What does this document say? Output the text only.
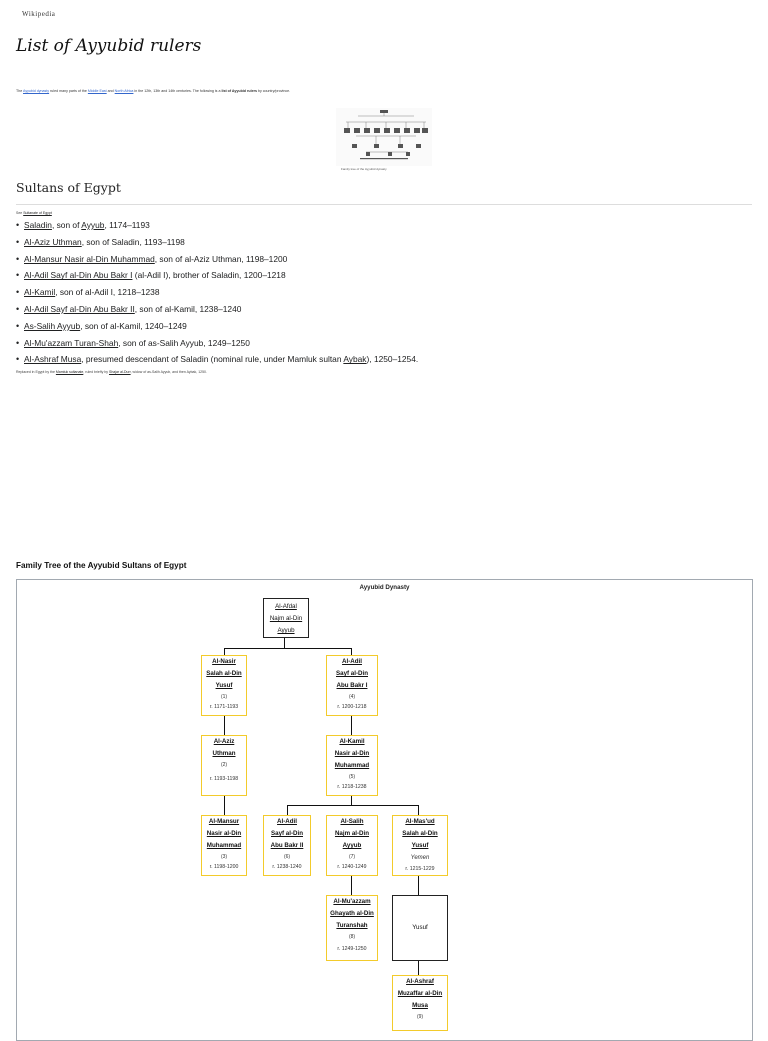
Wikipedia
List of Ayyubid rulers
The Ayyubid dynasty ruled many parts of the Middle East and North Africa in the 12th, 13th and 14th centuries. The following is a list of Ayyubid rulers by country/province.
Family tree of the Ayyubid dynasty
Sultans of Egypt
See Sultanate of Egypt
• Saladin, son of Ayyub, 1174–1193
• Al-Aziz Uthman, son of Saladin, 1193–1198
• Al-Mansur Nasir al-Din Muhammad, son of al-Aziz Uthman, 1198–1200
• Al-Adil Sayf al-Din Abu Bakr I (al-Adil I), brother of Saladin, 1200–1218
• Al-Kamil, son of al-Adil I, 1218–1238
• Al-Adil Sayf al-Din Abu Bakr II, son of al-Kamil, 1238–1240
• As-Salih Ayyub, son of al-Kamil, 1240–1249
• Al-Mu'azzam Turan-Shah, son of as-Salih Ayyub, 1249–1250
• Al-Ashraf Musa, presumed descendant of Saladin (nominal rule, under Mamluk sultan Aybak), 1250–1254.
Replaced in Egypt by the Mamluk sultanate, ruled briefly by Shajar al-Durr, widow of as-Salih Ayyub, and then Aybak, 1250.
Family Tree of the Ayyubid Sultans of Egypt
Ayyubid Dynasty
Al-Afdal
Najm al-Din
Ayyub
Al-Nasir
Salah al-Din
Yusuf
(1)
r. 1171-1193
Al-Adil
Sayf al-Din
Abu Bakr I
(4)
r. 1200-1218
Al-Aziz
Uthman
(2)
r. 1193-1198
Al-Kamil
Nasir al-Din
Muhammad
(5)
r. 1218-1238
Al-Mansur
Nasir al-Din
Muhammad
(3)
r. 1198-1200
Al-Adil
Sayf al-Din
Abu Bakr II
(6)
r. 1238-1240
Al-Salih
Najm al-Din
Ayyub
(7)
r. 1240-1249
Al-Mas'ud
Salah al-Din
Yusuf
Yemen
r. 1215-1229
Al-Mu'azzam
Ghayath al-Din
Turanshah
(8)
r. 1249-1250
Yusuf
Al-Ashraf
Muzaffar al-Din
Musa
(9)
